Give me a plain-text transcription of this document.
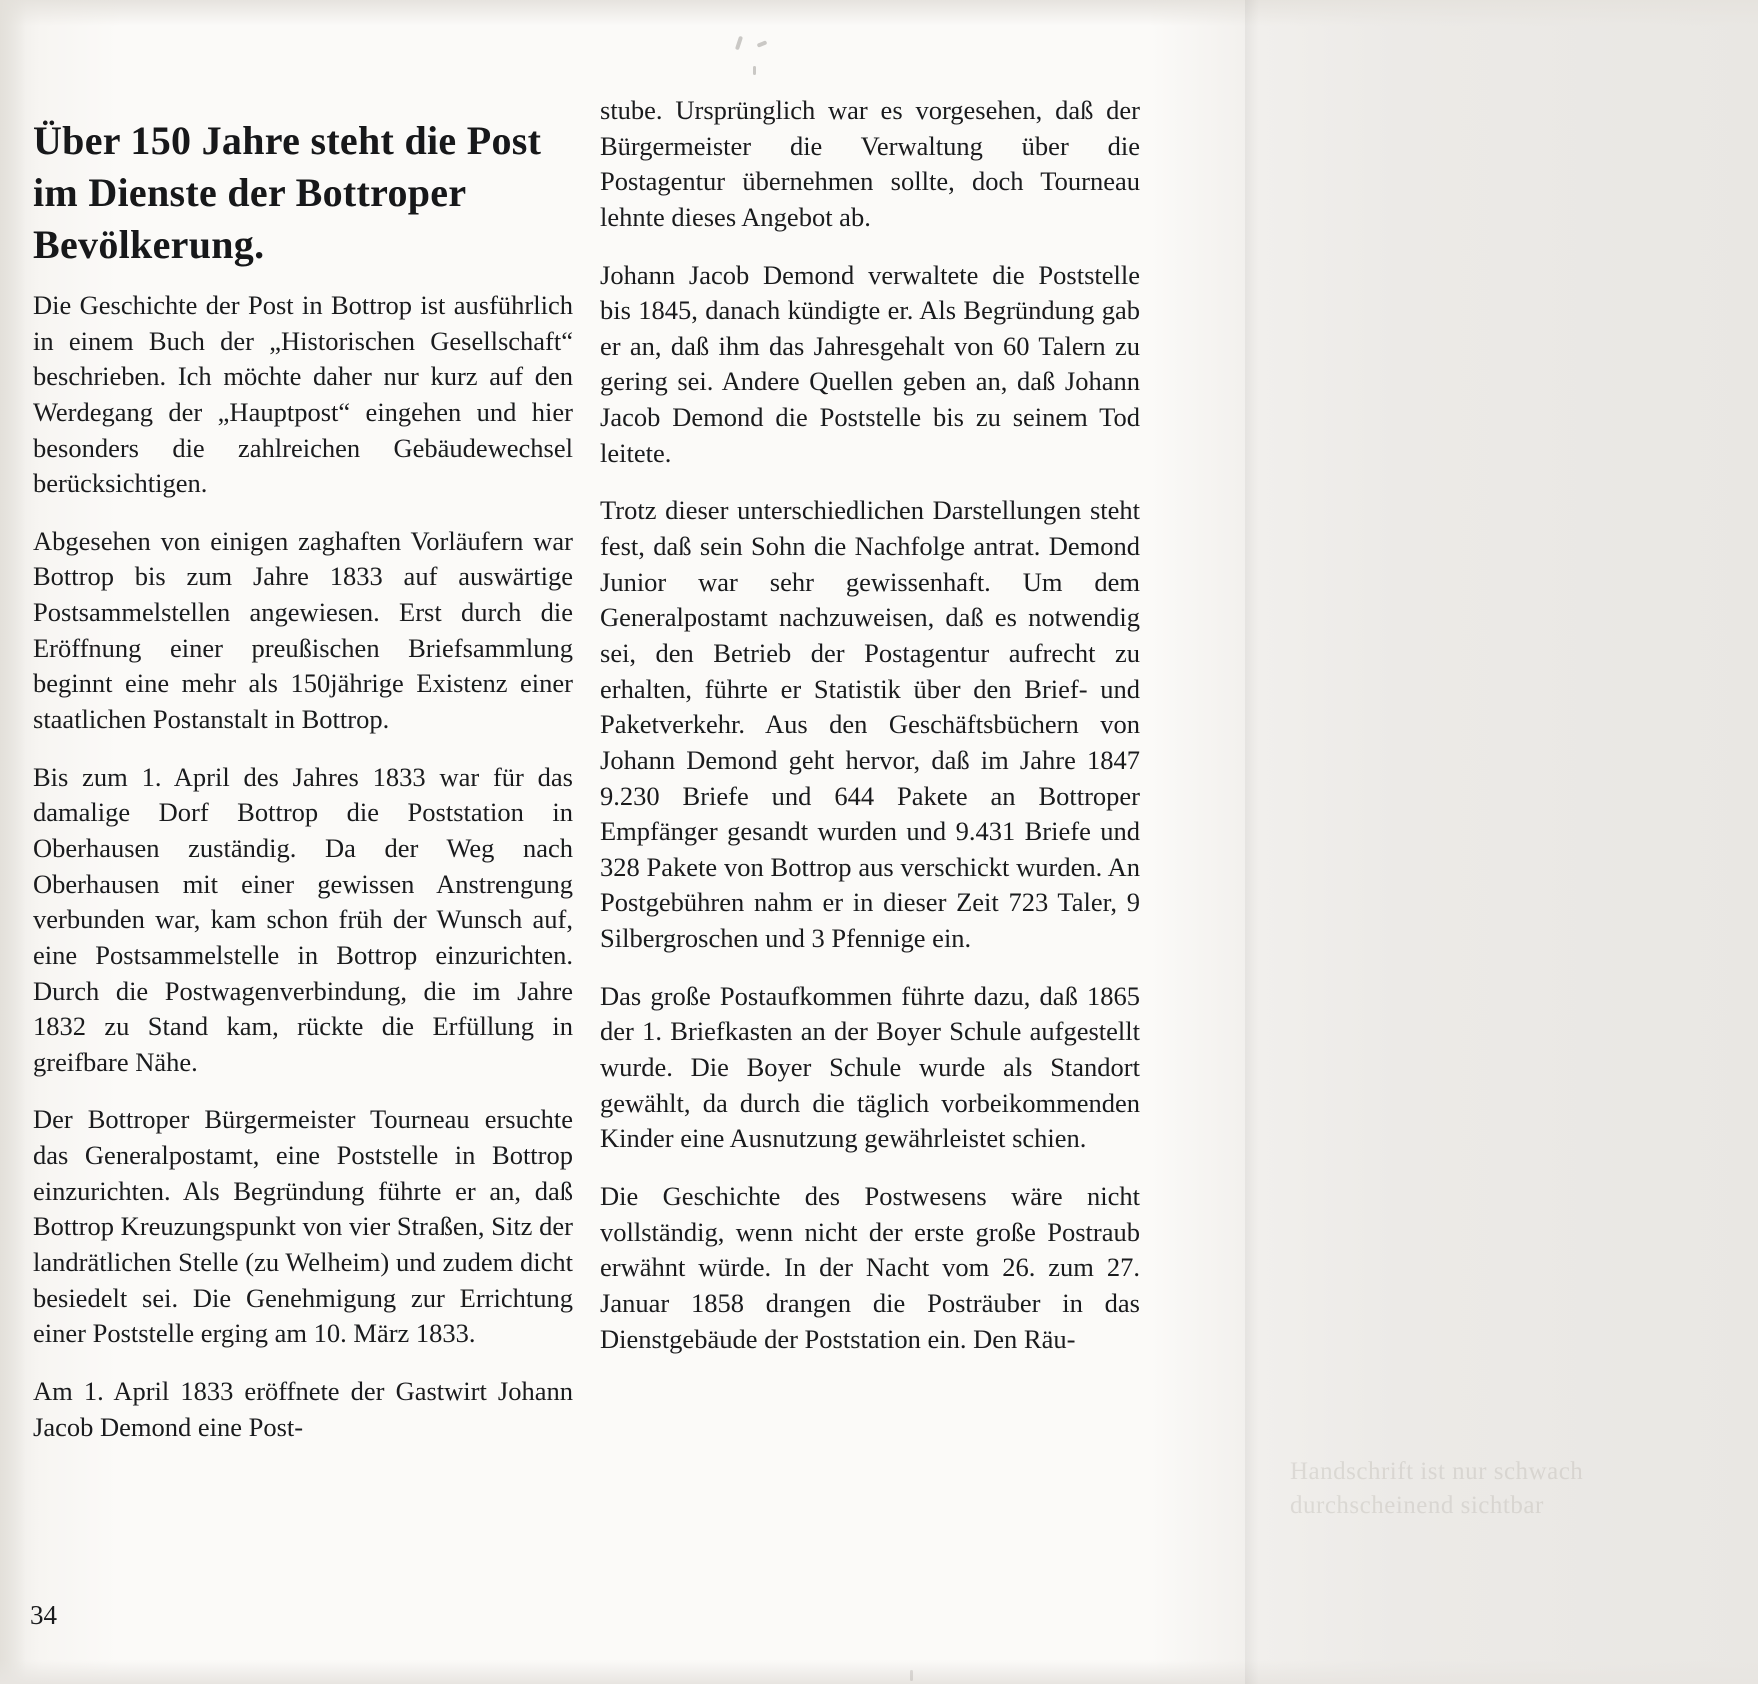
Über 150 Jahre steht die Post im Dienste der Bottroper Bevölkerung.

Die Geschichte der Post in Bottrop ist ausführlich in einem Buch der „Historischen Gesellschaft“ beschrieben. Ich möchte daher nur kurz auf den Werdegang der „Hauptpost“ eingehen und hier besonders die zahlreichen Gebäudewechsel berücksichtigen.

Abgesehen von einigen zaghaften Vorläufern war Bottrop bis zum Jahre 1833 auf auswärtige Postsammelstellen angewiesen. Erst durch die Eröffnung einer preußischen Briefsammlung beginnt eine mehr als 150jährige Existenz einer staatlichen Postanstalt in Bottrop.

Bis zum 1. April des Jahres 1833 war für das damalige Dorf Bottrop die Poststation in Oberhausen zuständig. Da der Weg nach Oberhausen mit einer gewissen Anstrengung verbunden war, kam schon früh der Wunsch auf, eine Postsammelstelle in Bottrop einzurichten. Durch die Postwagenverbindung, die im Jahre 1832 zu Stand kam, rückte die Erfüllung in greifbare Nähe.

Der Bottroper Bürgermeister Tourneau ersuchte das Generalpostamt, eine Poststelle in Bottrop einzurichten. Als Begründung führte er an, daß Bottrop Kreuzungspunkt von vier Straßen, Sitz der landrätlichen Stelle (zu Welheim) und zudem dicht besiedelt sei. Die Genehmigung zur Errichtung einer Poststelle erging am 10. März 1833.

Am 1. April 1833 eröffnete der Gastwirt Johann Jacob Demond eine Post-

stube. Ursprünglich war es vorgesehen, daß der Bürgermeister die Verwaltung über die Postagentur übernehmen sollte, doch Tourneau lehnte dieses Angebot ab.

Johann Jacob Demond verwaltete die Poststelle bis 1845, danach kündigte er. Als Begründung gab er an, daß ihm das Jahresgehalt von 60 Talern zu gering sei. Andere Quellen geben an, daß Johann Jacob Demond die Poststelle bis zu seinem Tod leitete.

Trotz dieser unterschiedlichen Darstellungen steht fest, daß sein Sohn die Nachfolge antrat. Demond Junior war sehr gewissenhaft. Um dem Generalpostamt nachzuweisen, daß es notwendig sei, den Betrieb der Postagentur aufrecht zu erhalten, führte er Statistik über den Brief- und Paketverkehr. Aus den Geschäftsbüchern von Johann Demond geht hervor, daß im Jahre 1847 9.230 Briefe und 644 Pakete an Bottroper Empfänger gesandt wurden und 9.431 Briefe und 328 Pakete von Bottrop aus verschickt wurden. An Postgebühren nahm er in dieser Zeit 723 Taler, 9 Silbergroschen und 3 Pfennige ein.

Das große Postaufkommen führte dazu, daß 1865 der 1. Briefkasten an der Boyer Schule aufgestellt wurde. Die Boyer Schule wurde als Standort gewählt, da durch die täglich vorbeikommenden Kinder eine Ausnutzung gewährleistet schien.

Die Geschichte des Postwesens wäre nicht vollständig, wenn nicht der erste große Postraub erwähnt würde. In der Nacht vom 26. zum 27. Januar 1858 drangen die Posträuber in das Dienstgebäude der Poststation ein. Den Räu-

34
Handschrift ist nur schwach durchscheinend sichtbar
